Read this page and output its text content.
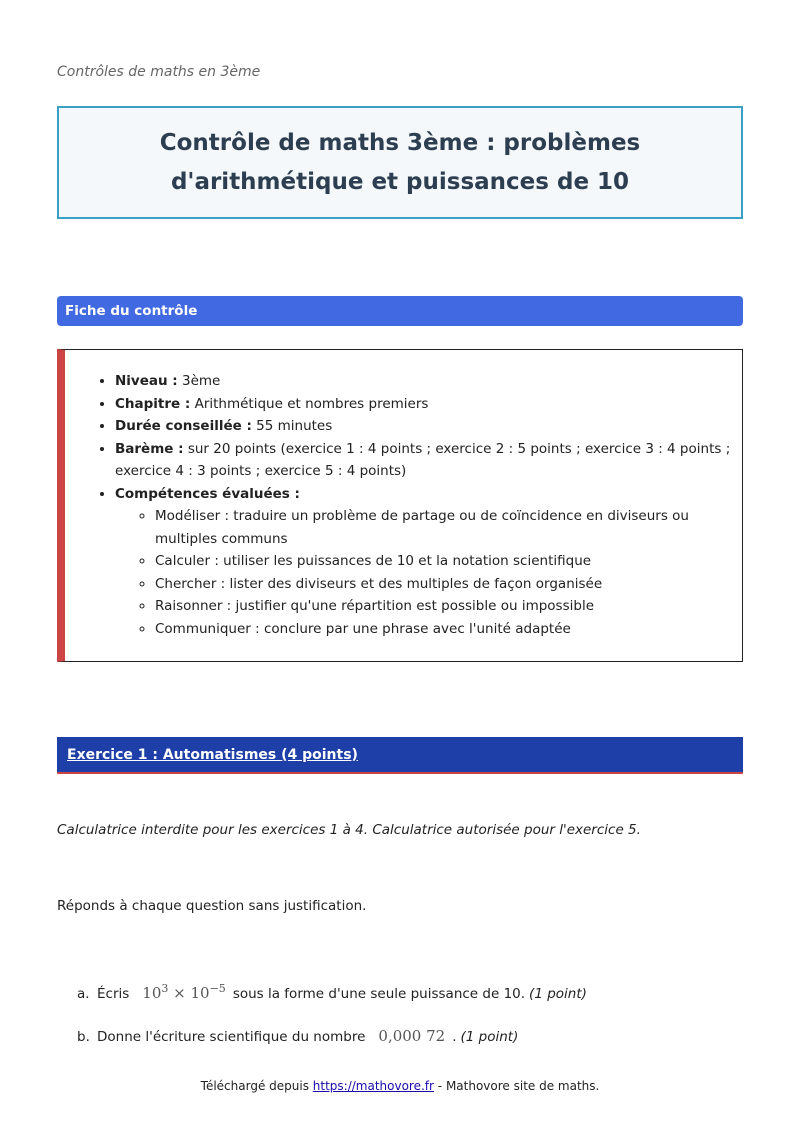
Contrôles de maths en 3ème
Contrôle de maths 3ème : problèmes d'arithmétique et puissances de 10
Fiche du contrôle
• Niveau : 3ème
• Chapitre : Arithmétique et nombres premiers
• Durée conseillée : 55 minutes
• Barème : sur 20 points (exercice 1 : 4 points ; exercice 2 : 5 points ; exercice 3 : 4 points ; exercice 4 : 3 points ; exercice 5 : 4 points)
• Compétences évaluées :
◦ Modéliser : traduire un problème de partage ou de coïncidence en diviseurs ou multiples communs
◦ Calculer : utiliser les puissances de 10 et la notation scientifique
◦ Chercher : lister des diviseurs et des multiples de façon organisée
◦ Raisonner : justifier qu'une répartition est possible ou impossible
◦ Communiquer : conclure par une phrase avec l'unité adaptée
Exercice 1 : Automatismes (4 points)
Calculatrice interdite pour les exercices 1 à 4. Calculatrice autorisée pour l'exercice 5.
Réponds à chaque question sans justification.
a. Écris $10^3 \times 10^{-5}$ sous la forme d'une seule puissance de 10. (1 point)
b. Donne l'écriture scientifique du nombre 0,000 72 . (1 point)
Téléchargé depuis https://mathovore.fr - Mathovore site de maths.
